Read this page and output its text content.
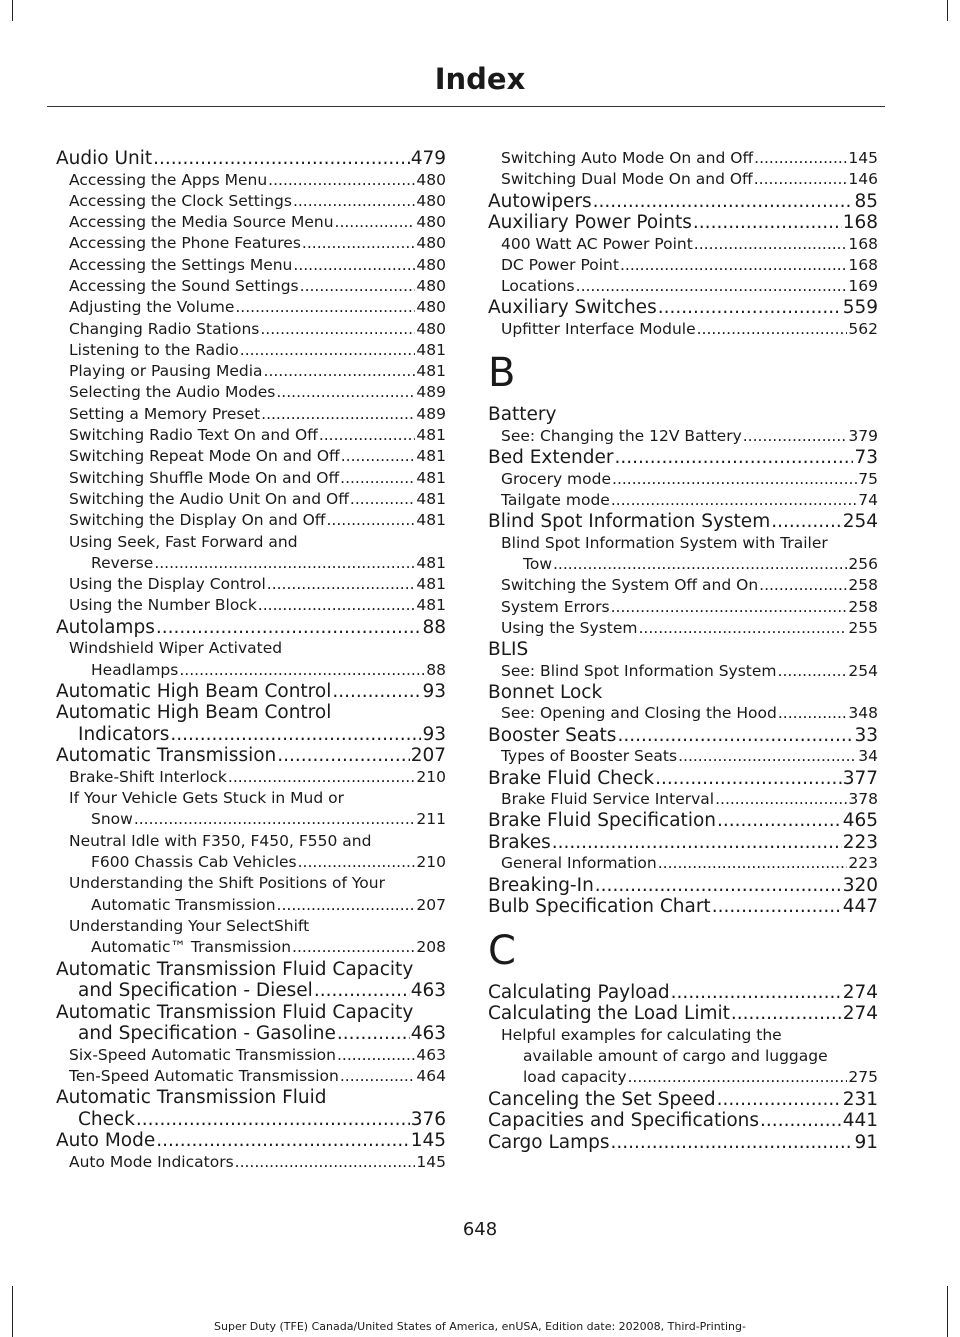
Index
Audio Unit .....	479
Accessing the Apps Menu .....	480
Accessing the Clock Settings .....	480
Accessing the Media Source Menu .....	480
Accessing the Phone Features .....	480
Accessing the Settings Menu .....	480
Accessing the Sound Settings .....	480
Adjusting the Volume .....	480
Changing Radio Stations .....	480
Listening to the Radio .....	481
Playing or Pausing Media .....	481
Selecting the Audio Modes .....	489
Setting a Memory Preset .....	489
Switching Radio Text On and Off .....	481
Switching Repeat Mode On and Off .....	481
Switching Shuffle Mode On and Off .....	481
Switching the Audio Unit On and Off .....	481
Switching the Display On and Off .....	481
Using Seek, Fast Forward and
Reverse .....	481
Using the Display Control .....	481
Using the Number Block .....	481
Autolamps .....	88
Windshield Wiper Activated
Headlamps .....	88
Automatic High Beam Control .....	93
Automatic High Beam Control
Indicators .....	93
Automatic Transmission .....	207
Brake-Shift Interlock .....	210
If Your Vehicle Gets Stuck in Mud or
Snow .....	211
Neutral Idle with F350, F450, F550 and
F600 Chassis Cab Vehicles .....	210
Understanding the Shift Positions of Your
Automatic Transmission .....	207
Understanding Your SelectShift
Automatic™ Transmission .....	208
Automatic Transmission Fluid Capacity
and Specification - Diesel .....	463
Automatic Transmission Fluid Capacity
and Specification - Gasoline .....	463
Six-Speed Automatic Transmission .....	463
Ten-Speed Automatic Transmission .....	464
Automatic Transmission Fluid
Check .....	376
Auto Mode .....	145
Auto Mode Indicators .....	145
Switching Auto Mode On and Off .....	145
Switching Dual Mode On and Off .....	146
Autowipers .....	85
Auxiliary Power Points .....	168
400 Watt AC Power Point .....	168
DC Power Point .....	168
Locations .....	169
Auxiliary Switches .....	559
Upfitter Interface Module .....	562
B
Battery
See: Changing the 12V Battery .....	379
Bed Extender .....	73
Grocery mode .....	75
Tailgate mode .....	74
Blind Spot Information System .....	254
Blind Spot Information System with Trailer
Tow .....	256
Switching the System Off and On .....	258
System Errors .....	258
Using the System .....	255
BLIS
See: Blind Spot Information System .....	254
Bonnet Lock
See: Opening and Closing the Hood .....	348
Booster Seats .....	33
Types of Booster Seats .....	34
Brake Fluid Check .....	377
Brake Fluid Service Interval .....	378
Brake Fluid Specification .....	465
Brakes .....	223
General Information .....	223
Breaking-In .....	320
Bulb Specification Chart .....	447
C
Calculating Payload .....	274
Calculating the Load Limit .....	274
Helpful examples for calculating the
available amount of cargo and luggage
load capacity .....	275
Canceling the Set Speed .....	231
Capacities and Specifications .....	441
Cargo Lamps .....	91
648
Super Duty (TFE) Canada/United States of America, enUSA, Edition date: 202008, Third-Printing-
